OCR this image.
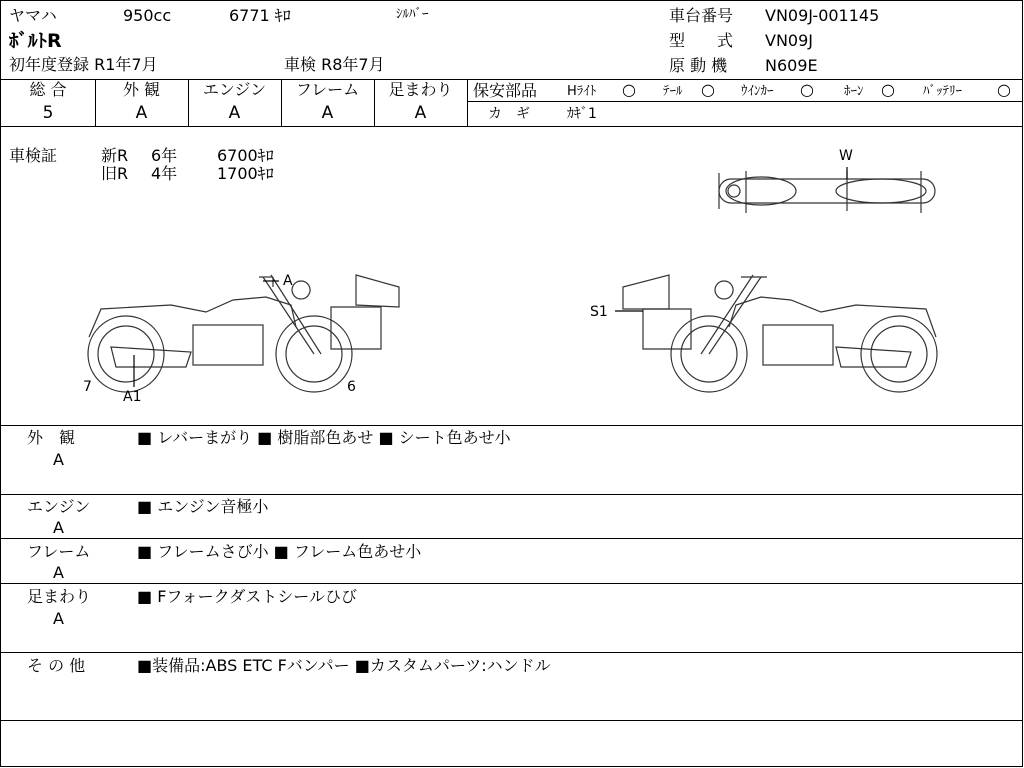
ヤマハ	950cc	6771 ｷﾛ	ｼﾙﾊﾞｰ
ﾎﾞﾙﾄR
初年度登録 R1年7月	車検 R8年7月
車台番号 VN09J-001145
型　　式 VN09J
原 動 機 N609E
総 合
5
外 観
A
エンジン
A
フレーム
A
足まわり
A
保安部品 Hﾗｲﾄ ○ ﾃｰﾙ ○ ｳｲﾝｶｰ ○ ﾎｰﾝ ○ ﾊﾞｯﾃﾘｰ ○
カ　ギ	ｶｷﾞ1
車検証	新R 6年 6700ｷﾛ
旧R 4年 1700ｷﾛ
W
A
A1
7	6
S1
外　観
A
■ レバーまがり ■ 樹脂部色あせ ■ シート色あせ小
エンジン
A
■ エンジン音極小
フレーム
A
■ フレームさび小 ■ フレーム色あせ小
足まわり
A
■ Fフォークダストシールひび
そ の 他	■装備品:ABS ETC Fバンパー ■カスタムパーツ:ハンドル
